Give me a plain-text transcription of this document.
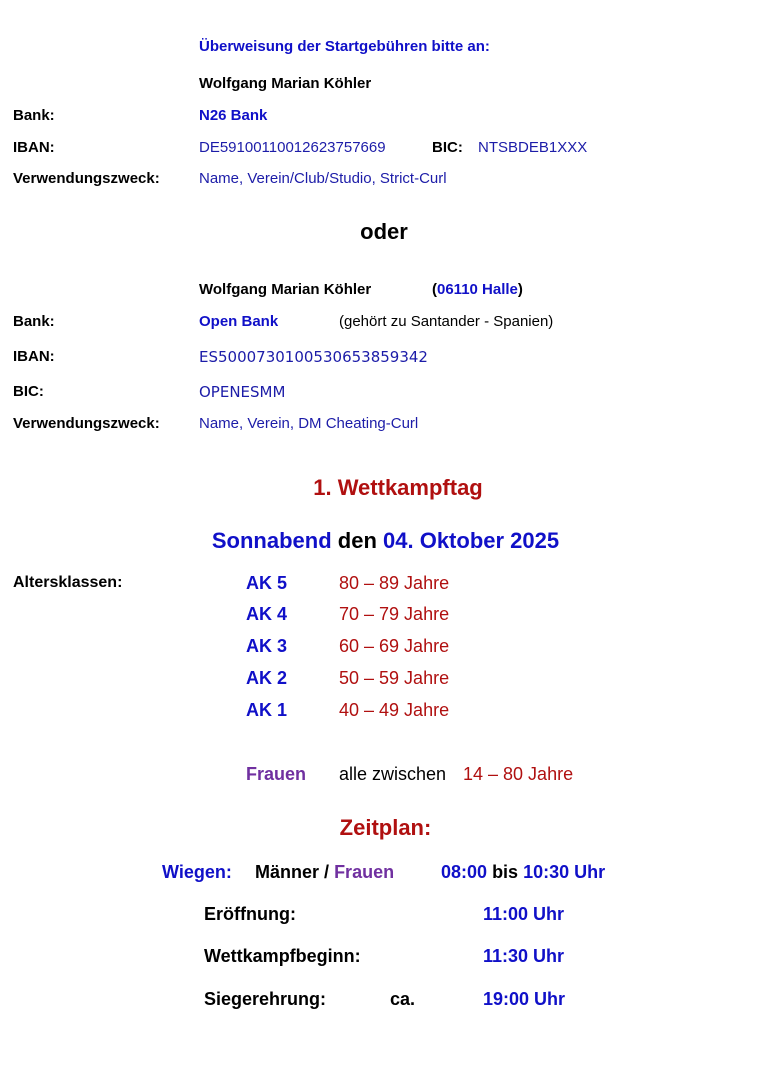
Überweisung der Startgebühren bitte an:
Wolfgang Marian Köhler
Bank:	N26 Bank
IBAN:	DE59100110012623757669	BIC: NTSBDEB1XXX
Verwendungszweck:	Name, Verein/Club/Studio, Strict-Curl
oder
Wolfgang Marian Köhler	(06110 Halle)
Bank:	Open Bank	(gehört zu Santander - Spanien)
IBAN:	ES5000730100530653859342
BIC:	OPENESMM
Verwendungszweck:	Name, Verein, DM Cheating-Curl
1. Wettkampftag
Sonnabend den 04. Oktober 2025
Altersklassen:	AK 5	80 – 89 Jahre
AK 4	70 – 79 Jahre
AK 3	60 – 69 Jahre
AK 2	50 – 59 Jahre
AK 1	40 – 49 Jahre
Frauen alle zwischen 14 – 80 Jahre
Zeitplan:
Wiegen: Männer / Frauen	08:00 bis 10:30 Uhr
Eröffnung:	11:00 Uhr
Wettkampfbeginn:	11:30 Uhr
Siegerehrung:	ca.	19:00 Uhr
